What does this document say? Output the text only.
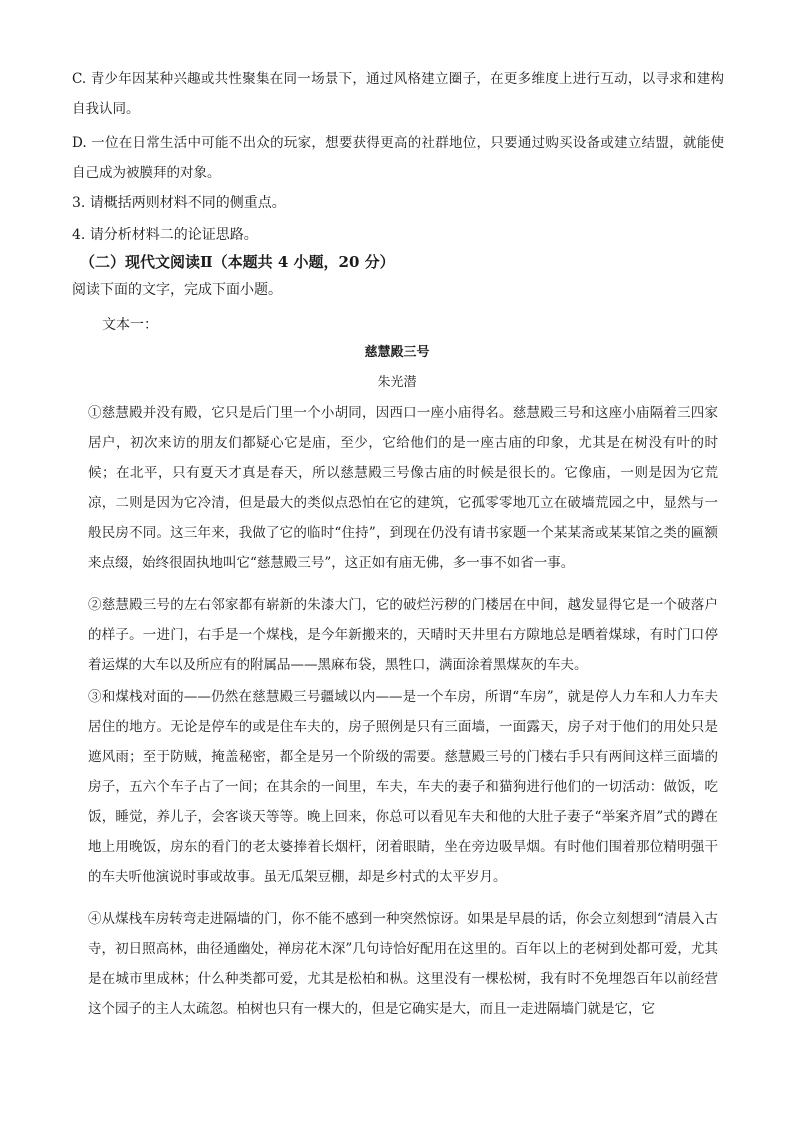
C. 青少年因某种兴趣或共性聚集在同一场景下，通过风格建立圈子，在更多维度上进行互动，以寻求和建构自我认同。
D. 一位在日常生活中可能不出众的玩家，想要获得更高的社群地位，只要通过购买设备或建立结盟，就能使自己成为被膜拜的对象。
3. 请概括两则材料不同的侧重点。
4. 请分析材料二的论证思路。
（二）现代文阅读Ⅱ（本题共 4 小题，20 分）
阅读下面的文字，完成下面小题。
文本一：
慈慧殿三号
朱光潜
①慈慧殿并没有殿，它只是后门里一个小胡同，因西口一座小庙得名。慈慧殿三号和这座小庙隔着三四家居户，初次来访的朋友们都疑心它是庙，至少，它给他们的是一座古庙的印象，尤其是在树没有叶的时候；在北平，只有夏天才真是春天，所以慈慧殿三号像古庙的时候是很长的。它像庙，一则是因为它荒凉，二则是因为它冷清，但是最大的类似点恐怕在它的建筑，它孤零零地兀立在破墙荒园之中，显然与一般民房不同。这三年来，我做了它的临时“住持”，到现在仍没有请书家题一个某某斋或某某馆之类的匾额来点缀，始终很固执地叫它“慈慧殿三号”，这正如有庙无佛，多一事不如省一事。
②慈慧殿三号的左右邻家都有崭新的朱漆大门，它的破烂污秽的门楼居在中间，越发显得它是一个破落户的样子。一进门，右手是一个煤栈，是今年新搬来的，天晴时天井里右方隙地总是晒着煤球，有时门口停着运煤的大车以及所应有的附属品——黑麻布袋，黑牲口，满面涂着黑煤灰的车夫。
③和煤栈对面的——仍然在慈慧殿三号疆域以内——是一个车房，所谓“车房”，就是停人力车和人力车夫居住的地方。无论是停车的或是住车夫的，房子照例是只有三面墙，一面露天，房子对于他们的用处只是遮风雨；至于防贼，掩盖秘密，都全是另一个阶级的需要。慈慧殿三号的门楼右手只有两间这样三面墙的房子，五六个车子占了一间；在其余的一间里，车夫，车夫的妻子和猫狗进行他们的一切活动：做饭，吃饭，睡觉，养儿子，会客谈天等等。晚上回来，你总可以看见车夫和他的大肚子妻子“举案齐眉”式的蹲在地上用晚饭，房东的看门的老太婆捧着长烟杆，闭着眼睛，坐在旁边吸旱烟。有时他们围着那位精明强干的车夫听他演说时事或故事。虽无瓜架豆棚，却是乡村式的太平岁月。
④从煤栈车房转弯走进隔墙的门，你不能不感到一种突然惊讶。如果是早晨的话，你会立刻想到“清晨入古寺，初日照高林，曲径通幽处，禅房花木深”几句诗恰好配用在这里的。百年以上的老树到处都可爱，尤其是在城市里成林；什么种类都可爱，尤其是松柏和枞。这里没有一棵松树，我有时不免埋怨百年以前经营这个园子的主人太疏忽。柏树也只有一棵大的，但是它确实是大，而且一走进隔墙门就是它，它
